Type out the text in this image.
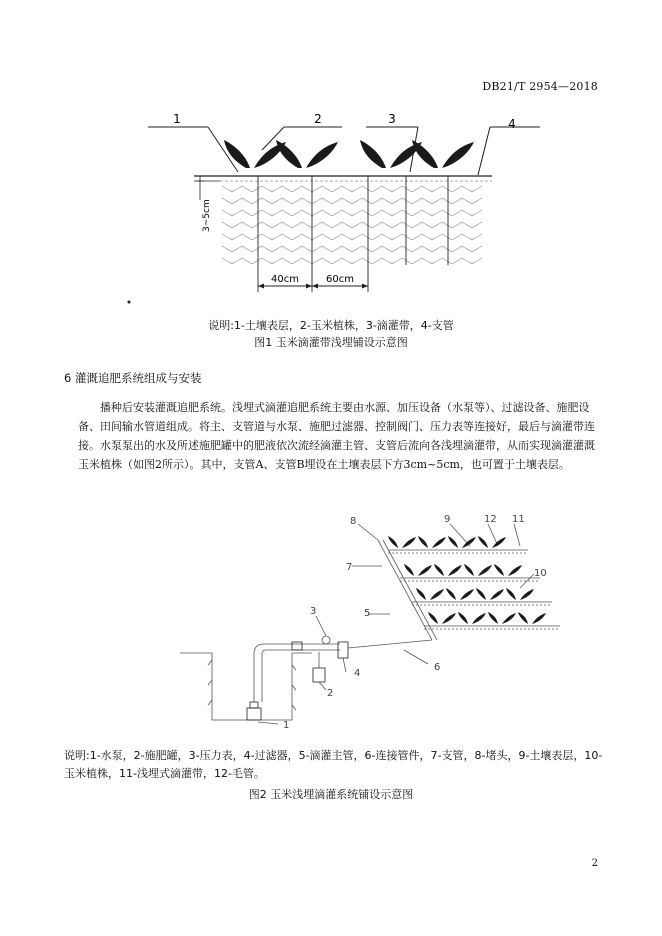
DB21/T 2954—2018
1	2	3	4
3~5cm
40cm	60cm
说明:1-土壤表层，2-玉米植株，3-滴灌带，4-支管
图1 玉米滴灌带浅埋铺设示意图
6 灌溉追肥系统组成与安装
播种后安装灌溉追肥系统。浅埋式滴灌追肥系统主要由水源、加压设备（水泵等）、过滤设备、施肥设备、田间输水管道组成。将主、支管道与水泵、施肥过滤器、控制阀门、压力表等连接好，最后与滴灌带连接。水泵泵出的水及所述施肥罐中的肥液依次流经滴灌主管、支管后流向各浅埋滴灌带，从而实现滴灌灌溉玉米植株（如图2所示）。其中，支管A、支管B埋设在土壤表层下方3cm~5cm，也可置于土壤表层。
1
2
3
4
5
6
7
8	9
10
11
12
说明:1-水泵，2-施肥罐，3-压力表，4-过滤器，5-滴灌主管，6-连接管件，7-支管，8-堵头，9-土壤表层，10-玉米植株，11-浅埋式滴灌带，12-毛管。
图2 玉米浅埋滴灌系统铺设示意图
2
